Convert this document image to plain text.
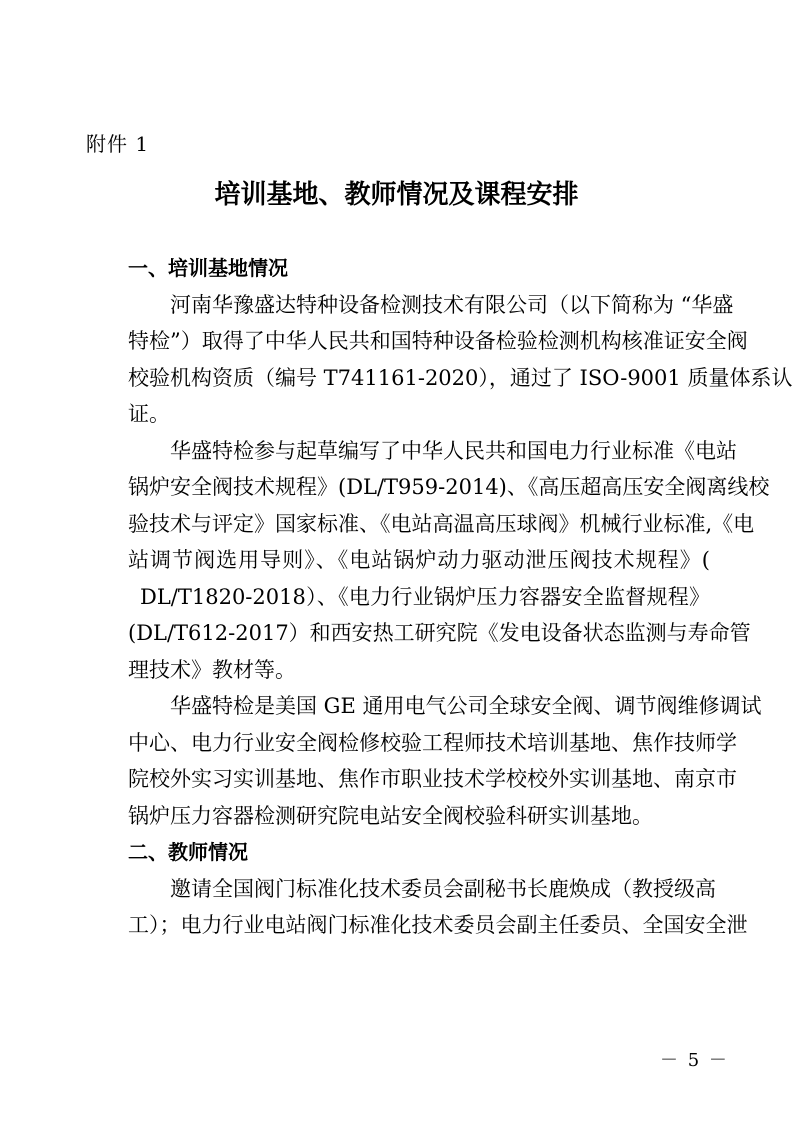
附件 1
培训基地、教师情况及课程安排

一、培训基地情况

河南华豫盛达特种设备检测技术有限公司（以下简称为 “华盛
特检”）取得了中华人民共和国特种设备检验检测机构核准证安全阀
校验机构资质（编号 T741161-2020），通过了 ISO-9001 质量体系认
证。

华盛特检参与起草编写了中华人民共和国电力行业标准《电站
锅炉安全阀技术规程》(DL/T959-2014)、《高压超高压安全阀离线校
验技术与评定》国家标准、《电站高温高压球阀》机械行业标准,《电
站调节阀选用导则》、《电站锅炉动力驱动泄压阀技术规程》(
DL/T1820-2018）、《电力行业锅炉压力容器安全监督规程》
(DL/T612-2017）和西安热工研究院《发电设备状态监测与寿命管
理技术》教材等。

华盛特检是美国 GE 通用电气公司全球安全阀、调节阀维修调试
中心、电力行业安全阀检修校验工程师技术培训基地、焦作技师学
院校外实习实训基地、焦作市职业技术学校校外实训基地、南京市
锅炉压力容器检测研究院电站安全阀校验科研实训基地。

二、教师情况

邀请全国阀门标准化技术委员会副秘书长鹿焕成（教授级高
工）；电力行业电站阀门标准化技术委员会副主任委员、全国安全泄

－ 5 －
